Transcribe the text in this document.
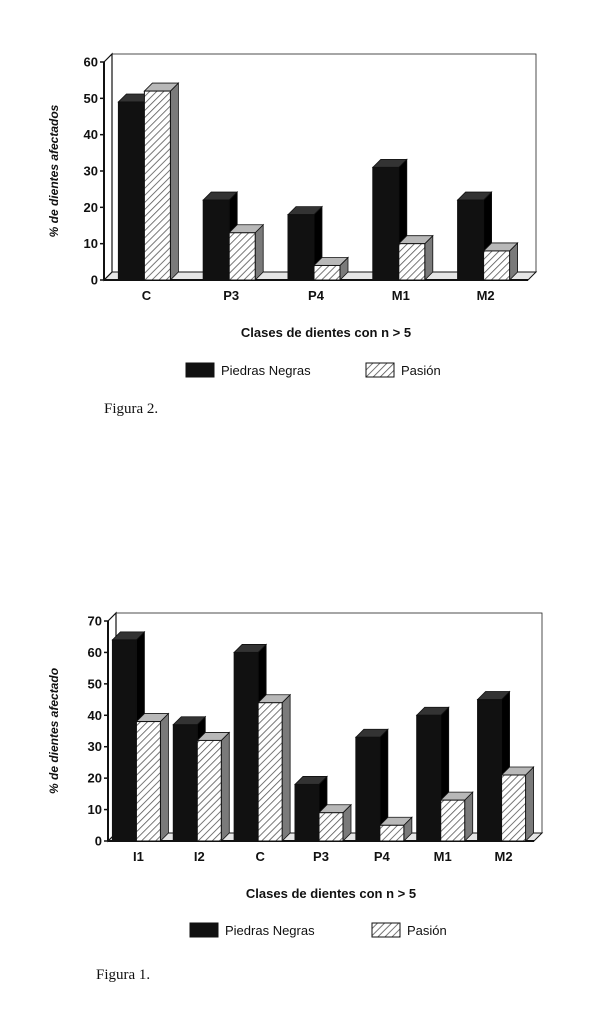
0
10
20
30
40
50
60
% de dientes afectados
C	P3	P4	M1	M2
Clases de dientes con n > 5
Piedras Negras	Pasión
Figura 2.
0
10
20
30
40
50
60
70
% de dientes afectado
I1	I2	C	P3	P4	M1	M2
Clases de dientes con n > 5
Piedras Negras	Pasión
Figura 1.
